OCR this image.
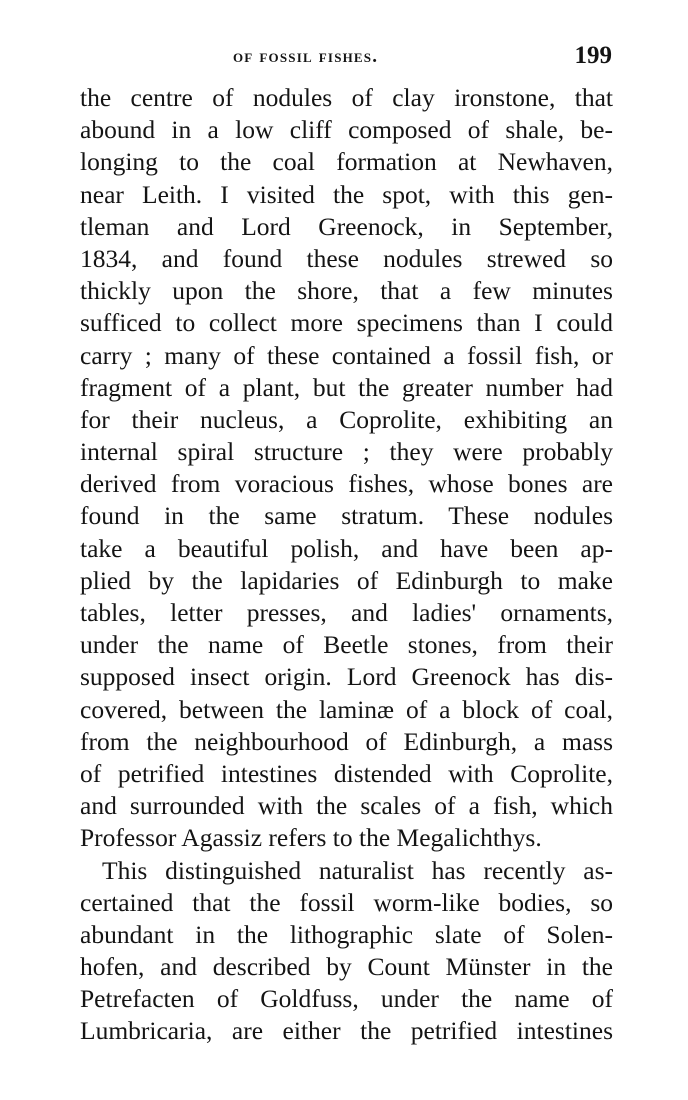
of fossil fishes.	199
the centre of nodules of clay ironstone, that
abound in a low cliff composed of shale, be-
longing to the coal formation at Newhaven,
near Leith. I visited the spot, with this gen-
tleman and Lord Greenock, in September,
1834, and found these nodules strewed so
thickly upon the shore, that a few minutes
sufficed to collect more specimens than I could
carry ; many of these contained a fossil fish, or
fragment of a plant, but the greater number had
for their nucleus, a Coprolite, exhibiting an
internal spiral structure ; they were probably
derived from voracious fishes, whose bones are
found in the same stratum. These nodules
take a beautiful polish, and have been ap-
plied by the lapidaries of Edinburgh to make
tables, letter presses, and ladies' ornaments,
under the name of Beetle stones, from their
supposed insect origin. Lord Greenock has dis-
covered, between the laminæ of a block of coal,
from the neighbourhood of Edinburgh, a mass
of petrified intestines distended with Coprolite,
and surrounded with the scales of a fish, which
Professor Agassiz refers to the Megalichthys.
This distinguished naturalist has recently as-
certained that the fossil worm-like bodies, so
abundant in the lithographic slate of Solen-
hofen, and described by Count Münster in the
Petrefacten of Goldfuss, under the name of
Lumbricaria, are either the petrified intestines
